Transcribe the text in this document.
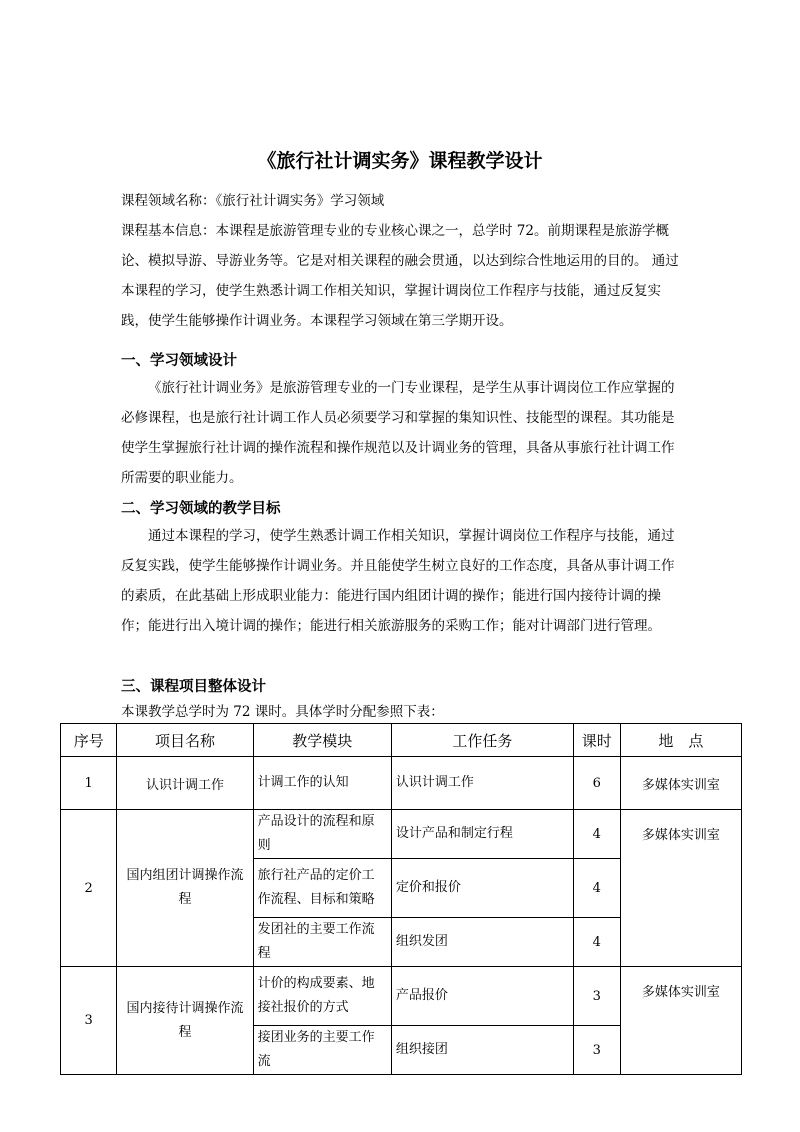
《旅行社计调实务》课程教学设计
课程领域名称：《旅行社计调实务》学习领域
课程基本信息：本课程是旅游管理专业的专业核心课之一，总学时 72。前期课程是旅游学概论、模拟导游、导游业务等。它是对相关课程的融会贯通，以达到综合性地运用的目的。 通过本课程的学习，使学生熟悉计调工作相关知识，掌握计调岗位工作程序与技能，通过反复实践，使学生能够操作计调业务。本课程学习领域在第三学期开设。
一、学习领域设计
《旅行社计调业务》是旅游管理专业的一门专业课程，是学生从事计调岗位工作应掌握的必修课程，也是旅行社计调工作人员必须要学习和掌握的集知识性、技能型的课程。其功能是使学生掌握旅行社计调的操作流程和操作规范以及计调业务的管理，具备从事旅行社计调工作所需要的职业能力。
二、学习领域的教学目标
通过本课程的学习，使学生熟悉计调工作相关知识，掌握计调岗位工作程序与技能，通过反复实践，使学生能够操作计调业务。并且能使学生树立良好的工作态度，具备从事计调工作的素质，在此基础上形成职业能力：能进行国内组团计调的操作；能进行国内接待计调的操作；能进行出入境计调的操作；能进行相关旅游服务的采购工作；能对计调部门进行管理。
三、课程项目整体设计
本课教学总学时为 72 课时。具体学时分配参照下表：
序号	项目名称	教学模块	工作任务	课时	地　点
1	认识计调工作	计调工作的认知	认识计调工作	6	多媒体实训室
2	国内组团计调操作流程	产品设计的流程和原则	设计产品和制定行程	4	多媒体实训室
		旅行社产品的定价工作流程、目标和策略	定价和报价	4	
		发团社的主要工作流程	组织发团	4	
3	国内接待计调操作流程	计价的构成要素、地接社报价的方式	产品报价	3	多媒体实训室
		接团业务的主要工作流	组织接团	3	
